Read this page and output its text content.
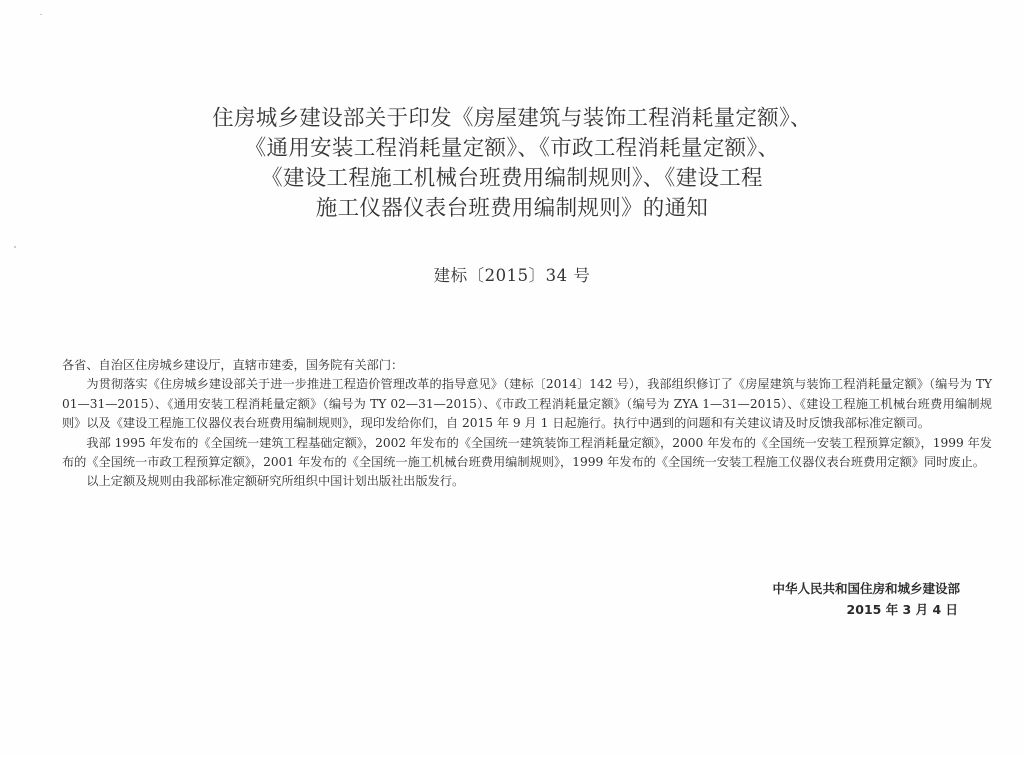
住房城乡建设部关于印发《房屋建筑与装饰工程消耗量定额》、
《通用安装工程消耗量定额》、《市政工程消耗量定额》、
《建设工程施工机械台班费用编制规则》、《建设工程
施工仪器仪表台班费用编制规则》的通知
建标〔2015〕34 号

各省、自治区住房城乡建设厅，直辖市建委，国务院有关部门：

为贯彻落实《住房城乡建设部关于进一步推进工程造价管理改革的指导意见》（建标〔2014〕142 号），我部组织修订了《房屋建筑与装饰工程消耗量定额》（编号为 TY 01—31—2015）、《通用安装工程消耗量定额》（编号为 TY 02—31—2015）、《市政工程消耗量定额》（编号为 ZYA 1—31—2015）、《建设工程施工机械台班费用编制规则》以及《建设工程施工仪器仪表台班费用编制规则》，现印发给你们，自 2015 年 9 月 1 日起施行。执行中遇到的问题和有关建议请及时反馈我部标准定额司。

我部 1995 年发布的《全国统一建筑工程基础定额》，2002 年发布的《全国统一建筑装饰工程消耗量定额》，2000 年发布的《全国统一安装工程预算定额》，1999 年发布的《全国统一市政工程预算定额》，2001 年发布的《全国统一施工机械台班费用编制规则》，1999 年发布的《全国统一安装工程施工仪器仪表台班费用定额》同时废止。

以上定额及规则由我部标准定额研究所组织中国计划出版社出版发行。

中华人民共和国住房和城乡建设部
2015 年 3 月 4 日
